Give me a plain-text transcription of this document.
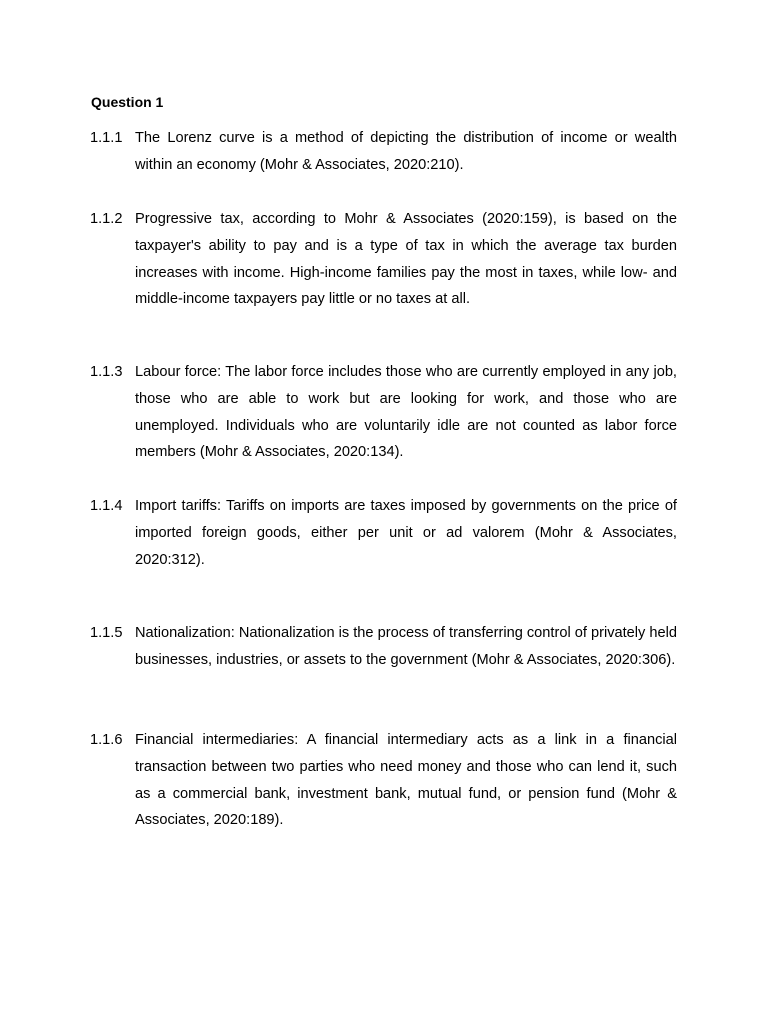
Question 1
1.1.1 The Lorenz curve is a method of depicting the distribution of income or wealth within an economy (Mohr & Associates, 2020:210).
1.1.2 Progressive tax, according to Mohr & Associates (2020:159), is based on the taxpayer's ability to pay and is a type of tax in which the average tax burden increases with income. High-income families pay the most in taxes, while low- and middle-income taxpayers pay little or no taxes at all.
1.1.3 Labour force: The labor force includes those who are currently employed in any job, those who are able to work but are looking for work, and those who are unemployed. Individuals who are voluntarily idle are not counted as labor force members (Mohr & Associates, 2020:134).
1.1.4 Import tariffs: Tariffs on imports are taxes imposed by governments on the price of imported foreign goods, either per unit or ad valorem (Mohr & Associates, 2020:312).
1.1.5 Nationalization: Nationalization is the process of transferring control of privately held businesses, industries, or assets to the government (Mohr & Associates, 2020:306).
1.1.6 Financial intermediaries: A financial intermediary acts as a link in a financial transaction between two parties who need money and those who can lend it, such as a commercial bank, investment bank, mutual fund, or pension fund (Mohr & Associates, 2020:189).
